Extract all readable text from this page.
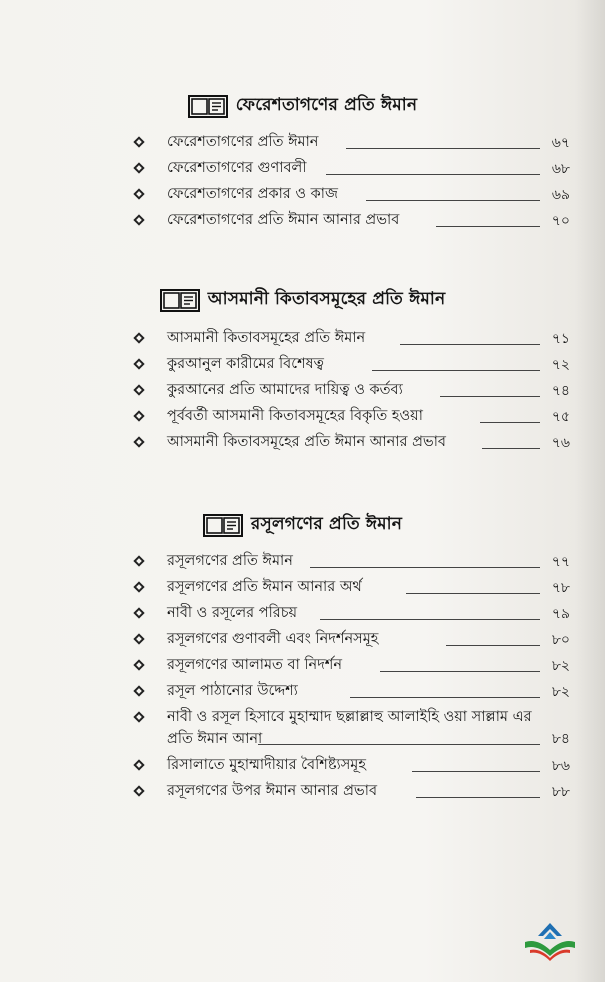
ফেরেশতাগণের প্রতি ঈমান
ফেরেশতাগণের প্রতি ঈমান	৬৭
ফেরেশতাগণের গুণাবলী	৬৮
ফেরেশতাগণের প্রকার ও কাজ	৬৯
ফেরেশতাগণের প্রতি ঈমান আনার প্রভাব	৭০
আসমানী কিতাবসমূহের প্রতি ঈমান
আসমানী কিতাবসমূহের প্রতি ঈমান	৭১
কুরআনুল কারীমের বিশেষত্ব	৭২
কুরআনের প্রতি আমাদের দায়িত্ব ও কর্তব্য	৭৪
পূর্ববর্তী আসমানী কিতাবসমূহের বিকৃতি হওয়া	৭৫
আসমানী কিতাবসমূহের প্রতি ঈমান আনার প্রভাব	৭৬
রসূলগণের প্রতি ঈমান
রসূলগণের প্রতি ঈমান	৭৭
রসূলগণের প্রতি ঈমান আনার অর্থ	৭৮
নাবী ও রসূলের পরিচয়	৭৯
রসূলগণের গুণাবলী এবং নিদর্শনসমূহ	৮০
রসূলগণের আলামত বা নিদর্শন	৮২
রসূল পাঠানোর উদ্দেশ্য	৮২
নাবী ও রসূল হিসাবে মুহাম্মাদ ছল্লাল্লাহু আলাইহি ওয়া সাল্লাম এর প্রতি ঈমান আনা	৮৪
রিসালাতে মুহাম্মাদীয়ার বৈশিষ্ট্যসমূহ	৮৬
রসূলগণের উপর ঈমান আনার প্রভাব	৮৮
